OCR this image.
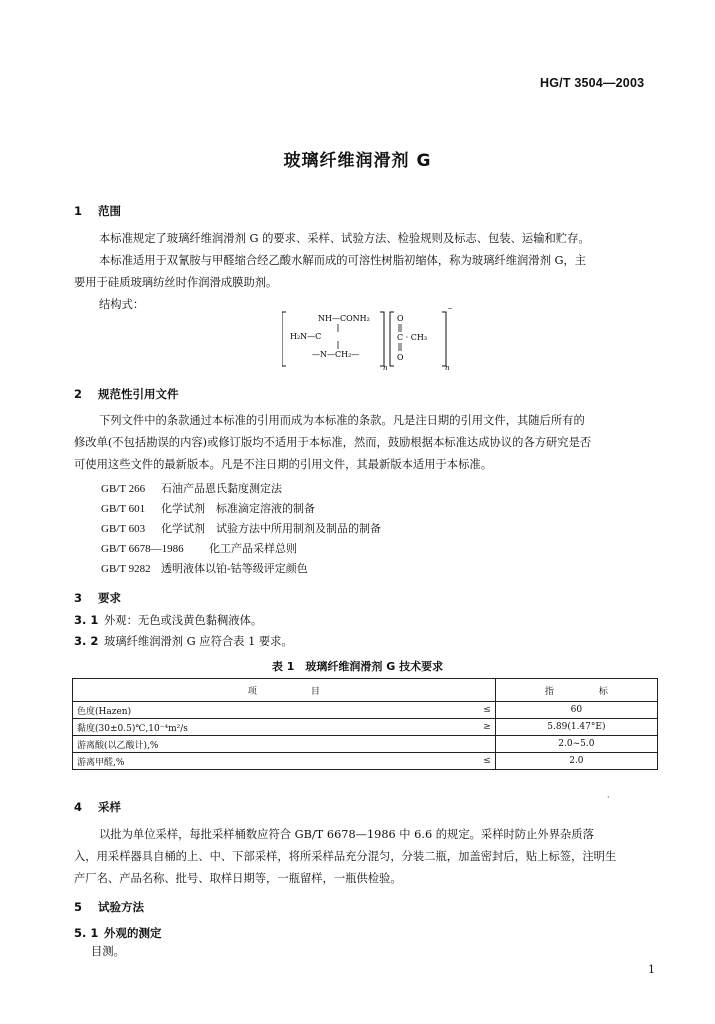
HG/T 3504—2003
玻璃纤维润滑剂 G
1 范围
本标准规定了玻璃纤维润滑剂 G 的要求、采样、试验方法、检验规则及标志、包装、运输和贮存。
本标准适用于双氰胺与甲醛缩合经乙酸水解而成的可溶性树脂初缩体，称为玻璃纤维润滑剂 G，主
要用于硅质玻璃纺丝时作润滑成膜助剂。
结构式：
NH—CONH₂
H₂N—C
—N—CH₂—
O
C · CH₃
O
n	n
2 规范性引用文件
下列文件中的条款通过本标准的引用而成为本标准的条款。凡是注日期的引用文件，其随后所有的
修改单(不包括勘误的内容)或修订版均不适用于本标准，然而，鼓励根据本标准达成协议的各方研究是否
可使用这些文件的最新版本。凡是不注日期的引用文件，其最新版本适用于本标准。
GB/T 266 石油产品恩氏黏度测定法
GB/T 601 化学试剂　标准滴定溶液的制备
GB/T 603 化学试剂　试验方法中所用制剂及制品的制备
GB/T 6678—1986 化工产品采样总则
GB/T 9282 透明液体以铂-钴等级评定颜色
3 要求
3. 1 外观：无色或浅黄色黏稠液体。
3. 2 玻璃纤维润滑剂 G 应符合表 1 要求。
表 1　玻璃纤维润滑剂 G 技术要求
项　　　　　　目		指　　　　　标
色度(Hazen)	≤	60
黏度(30±0.5)℃,10⁻⁴m²/s	≥	5.89(1.47°E)
游离酸(以乙酸计),%		2.0~5.0
游离甲醛,%	≤	2.0
·
4 采样
以批为单位采样，每批采样桶数应符合 GB/T 6678—1986 中 6.6 的规定。采样时防止外界杂质落
入，用采样器具自桶的上、中、下部采样，将所采样品充分混匀，分装二瓶，加盖密封后，贴上标签，注明生
产厂名、产品名称、批号、取样日期等，一瓶留样，一瓶供检验。
5 试验方法
5. 1 外观的测定
目测。
1
